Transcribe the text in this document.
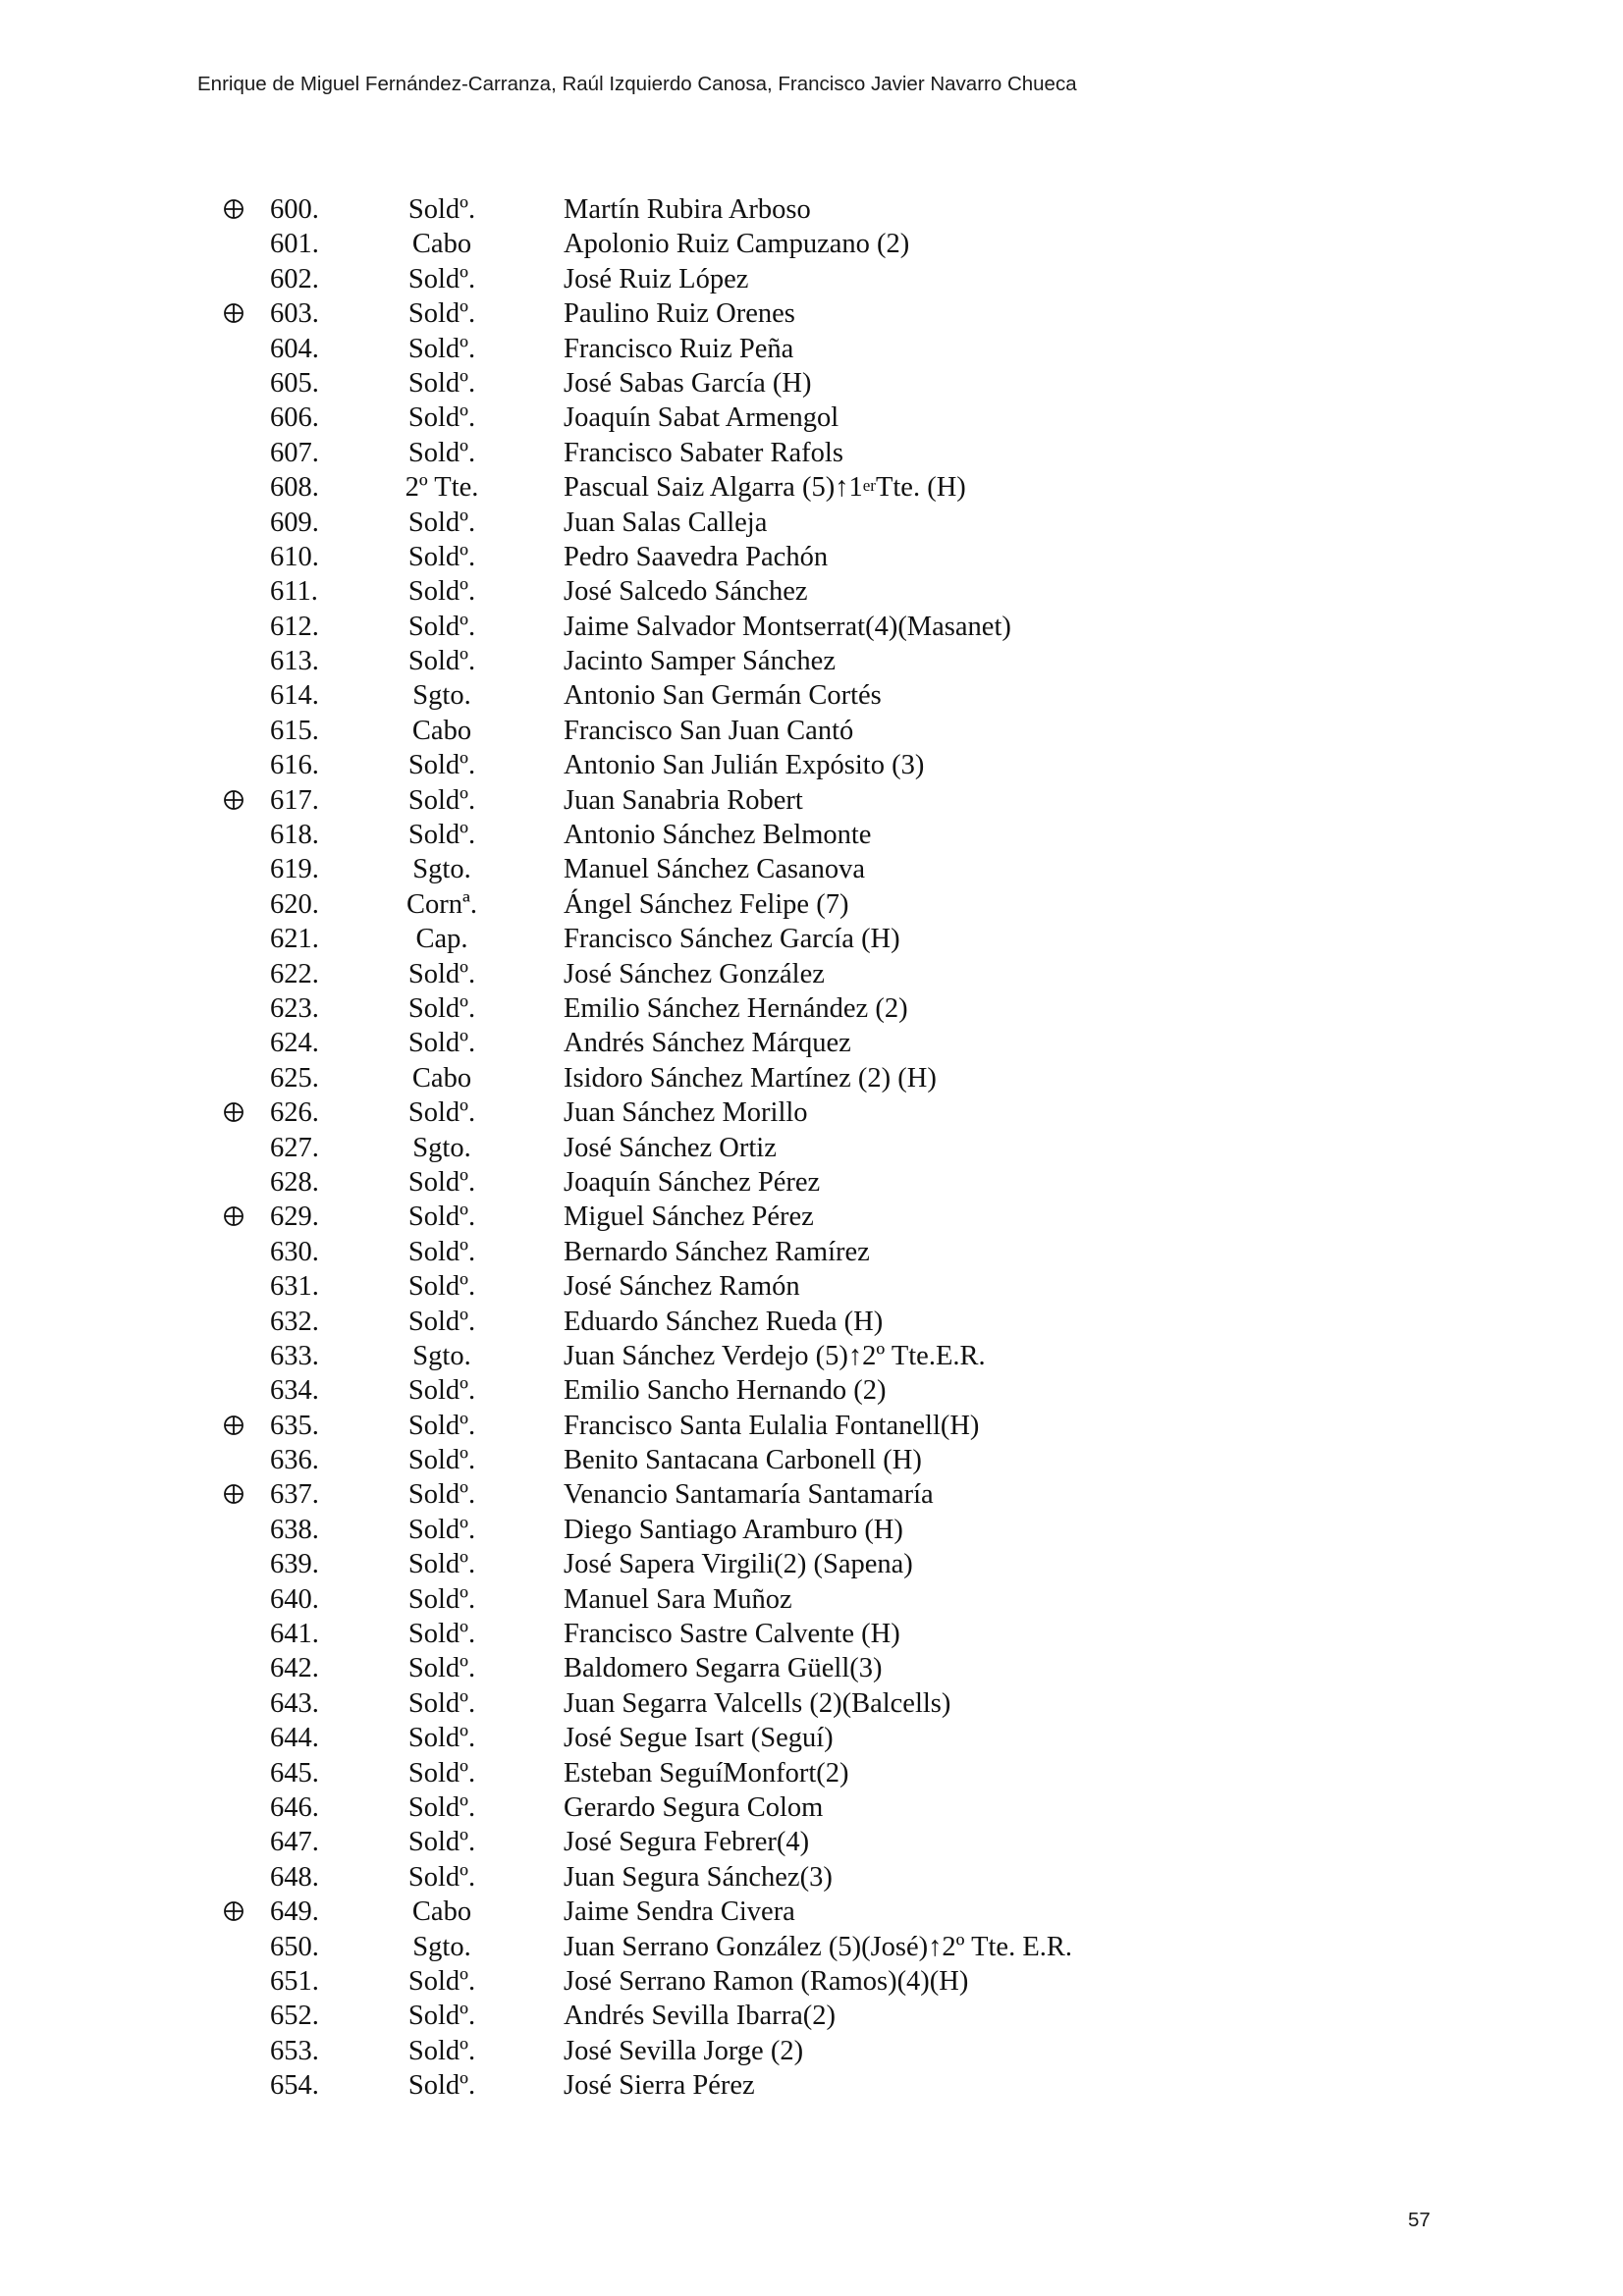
Enrique de Miguel Fernández-Carranza, Raúl Izquierdo Canosa, Francisco Javier Navarro Chueca
600.	Soldº.	Martín Rubira Arboso
601.	Cabo	Apolonio Ruiz Campuzano (2)
602.	Soldº.	José Ruiz López
603.	Soldº.	Paulino Ruiz Orenes
604.	Soldº.	Francisco Ruiz Peña
605.	Soldº.	José Sabas García (H)
606.	Soldº.	Joaquín Sabat Armengol
607.	Soldº.	Francisco Sabater Rafols
608.	2º Tte.	Pascual Saiz Algarra (5)↑1erTte. (H)
609.	Soldº.	Juan Salas Calleja
610.	Soldº.	Pedro Saavedra Pachón
611.	Soldº.	José Salcedo Sánchez
612.	Soldº.	Jaime Salvador Montserrat(4)(Masanet)
613.	Soldº.	Jacinto Samper Sánchez
614.	Sgto.	Antonio San Germán Cortés
615.	Cabo	Francisco San Juan Cantó
616.	Soldº.	Antonio San Julián Expósito (3)
617.	Soldº.	Juan Sanabria Robert
618.	Soldº.	Antonio Sánchez Belmonte
619.	Sgto.	Manuel Sánchez Casanova
620.	Cornª.	Ángel Sánchez Felipe (7)
621.	Cap.	Francisco Sánchez García (H)
622.	Soldº.	José Sánchez González
623.	Soldº.	Emilio Sánchez Hernández (2)
624.	Soldº.	Andrés Sánchez Márquez
625.	Cabo	Isidoro Sánchez Martínez (2) (H)
626.	Soldº.	Juan Sánchez Morillo
627.	Sgto.	José Sánchez Ortiz
628.	Soldº.	Joaquín Sánchez Pérez
629.	Soldº.	Miguel Sánchez Pérez
630.	Soldº.	Bernardo Sánchez Ramírez
631.	Soldº.	José Sánchez Ramón
632.	Soldº.	Eduardo Sánchez Rueda (H)
633.	Sgto.	Juan Sánchez Verdejo (5)↑2º Tte.E.R.
634.	Soldº.	Emilio Sancho Hernando (2)
635.	Soldº.	Francisco Santa Eulalia Fontanell(H)
636.	Soldº.	Benito Santacana Carbonell (H)
637.	Soldº.	Venancio Santamaría Santamaría
638.	Soldº.	Diego Santiago Aramburo (H)
639.	Soldº.	José Sapera Virgili(2) (Sapena)
640.	Soldº.	Manuel Sara Muñoz
641.	Soldº.	Francisco Sastre Calvente (H)
642.	Soldº.	Baldomero Segarra Güell(3)
643.	Soldº.	Juan Segarra Valcells (2)(Balcells)
644.	Soldº.	José Segue Isart (Seguí)
645.	Soldº.	Esteban SeguíMonfort(2)
646.	Soldº.	Gerardo Segura Colom
647.	Soldº.	José Segura Febrer(4)
648.	Soldº.	Juan Segura Sánchez(3)
649.	Cabo	Jaime Sendra Civera
650.	Sgto.	Juan Serrano González (5)(José)↑2º Tte. E.R.
651.	Soldº.	José Serrano Ramon (Ramos)(4)(H)
652.	Soldº.	Andrés Sevilla Ibarra(2)
653.	Soldº.	José Sevilla Jorge (2)
654.	Soldº.	José Sierra Pérez
57
